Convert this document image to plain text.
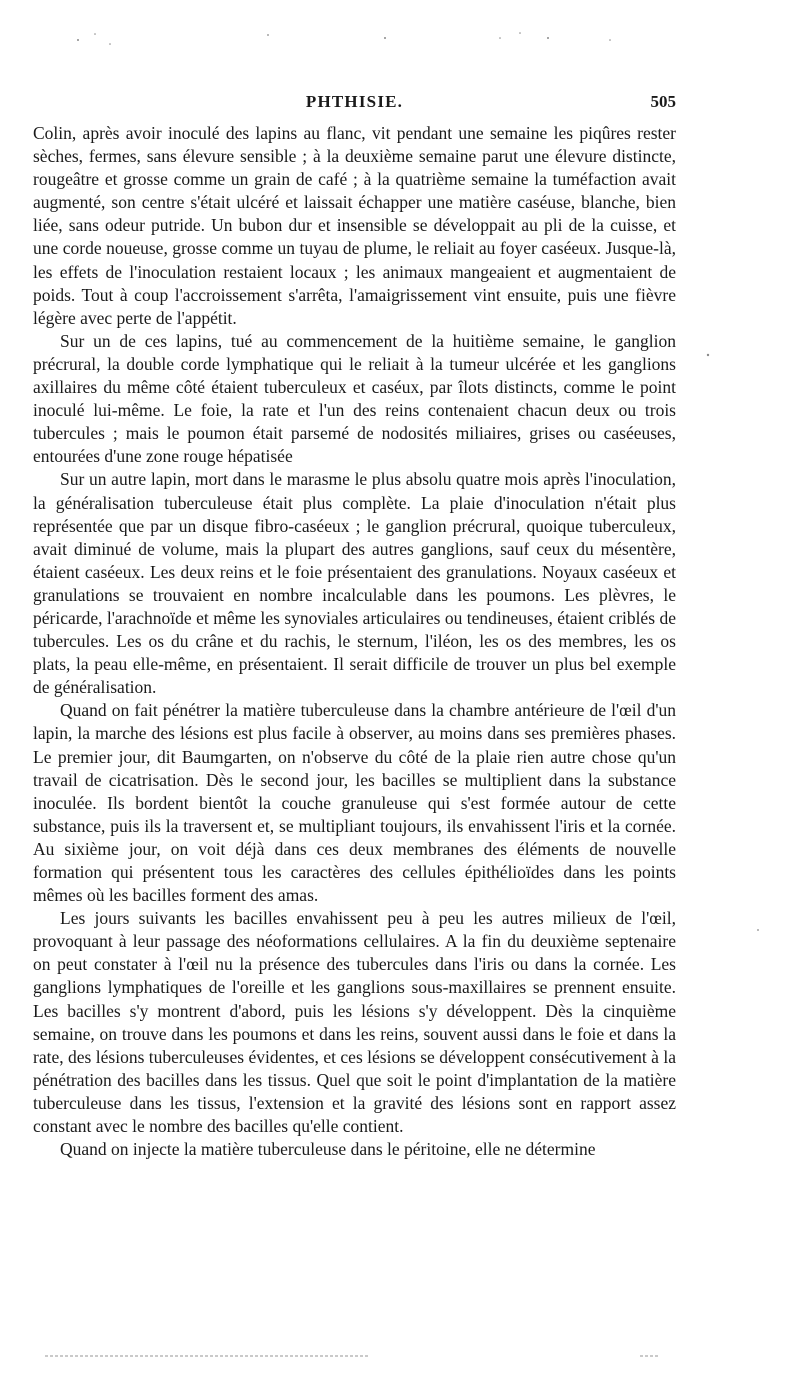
PHTHISIE.	505

Colin, après avoir inoculé des lapins au flanc, vit pendant une semaine les piqûres rester sèches, fermes, sans élevure sensible ; à la deuxième semaine parut une élevure distincte, rougeâtre et grosse comme un grain de café ; à la quatrième semaine la tuméfaction avait augmenté, son centre s'était ulcéré et laissait échapper une matière caséuse, blanche, bien liée, sans odeur putride. Un bubon dur et insensible se développait au pli de la cuisse, et une corde noueuse, grosse comme un tuyau de plume, le reliait au foyer caséeux. Jusque-là, les effets de l'inoculation restaient locaux ; les animaux mangeaient et augmentaient de poids. Tout à coup l'accroissement s'arrêta, l'amaigrissement vint ensuite, puis une fièvre légère avec perte de l'appétit.

Sur un de ces lapins, tué au commencement de la huitième semaine, le ganglion précrural, la double corde lymphatique qui le reliait à la tumeur ulcérée et les ganglions axillaires du même côté étaient tuberculeux et caséux, par îlots distincts, comme le point inoculé lui-même. Le foie, la rate et l'un des reins contenaient chacun deux ou trois tubercules ; mais le poumon était parsemé de nodosités miliaires, grises ou caséeuses, entourées d'une zone rouge hépatisée

Sur un autre lapin, mort dans le marasme le plus absolu quatre mois après l'inoculation, la généralisation tuberculeuse était plus complète. La plaie d'inoculation n'était plus représentée que par un disque fibro-caséeux ; le ganglion précrural, quoique tuberculeux, avait diminué de volume, mais la plupart des autres ganglions, sauf ceux du mésentère, étaient caséeux. Les deux reins et le foie présentaient des granulations. Noyaux caséeux et granulations se trouvaient en nombre incalculable dans les poumons. Les plèvres, le péricarde, l'arachnoïde et même les synoviales articulaires ou tendineuses, étaient criblés de tubercules. Les os du crâne et du rachis, le sternum, l'iléon, les os des membres, les os plats, la peau elle-même, en présentaient. Il serait difficile de trouver un plus bel exemple de généralisation.

Quand on fait pénétrer la matière tuberculeuse dans la chambre antérieure de l'œil d'un lapin, la marche des lésions est plus facile à observer, au moins dans ses premières phases. Le premier jour, dit Baumgarten, on n'observe du côté de la plaie rien autre chose qu'un travail de cicatrisation. Dès le second jour, les bacilles se multiplient dans la substance inoculée. Ils bordent bientôt la couche granuleuse qui s'est formée autour de cette substance, puis ils la traversent et, se multipliant toujours, ils envahissent l'iris et la cornée. Au sixième jour, on voit déjà dans ces deux membranes des éléments de nouvelle formation qui présentent tous les caractères des cellules épithélioïdes dans les points mêmes où les bacilles forment des amas.

Les jours suivants les bacilles envahissent peu à peu les autres milieux de l'œil, provoquant à leur passage des néoformations cellulaires. A la fin du deuxième septenaire on peut constater à l'œil nu la présence des tubercules dans l'iris ou dans la cornée. Les ganglions lymphatiques de l'oreille et les ganglions sous-maxillaires se prennent ensuite. Les bacilles s'y montrent d'abord, puis les lésions s'y développent. Dès la cinquième semaine, on trouve dans les poumons et dans les reins, souvent aussi dans le foie et dans la rate, des lésions tuberculeuses évidentes, et ces lésions se développent consécutivement à la pénétration des bacilles dans les tissus. Quel que soit le point d'implantation de la matière tuberculeuse dans les tissus, l'extension et la gravité des lésions sont en rapport assez constant avec le nombre des bacilles qu'elle contient.

Quand on injecte la matière tuberculeuse dans le péritoine, elle ne détermine
